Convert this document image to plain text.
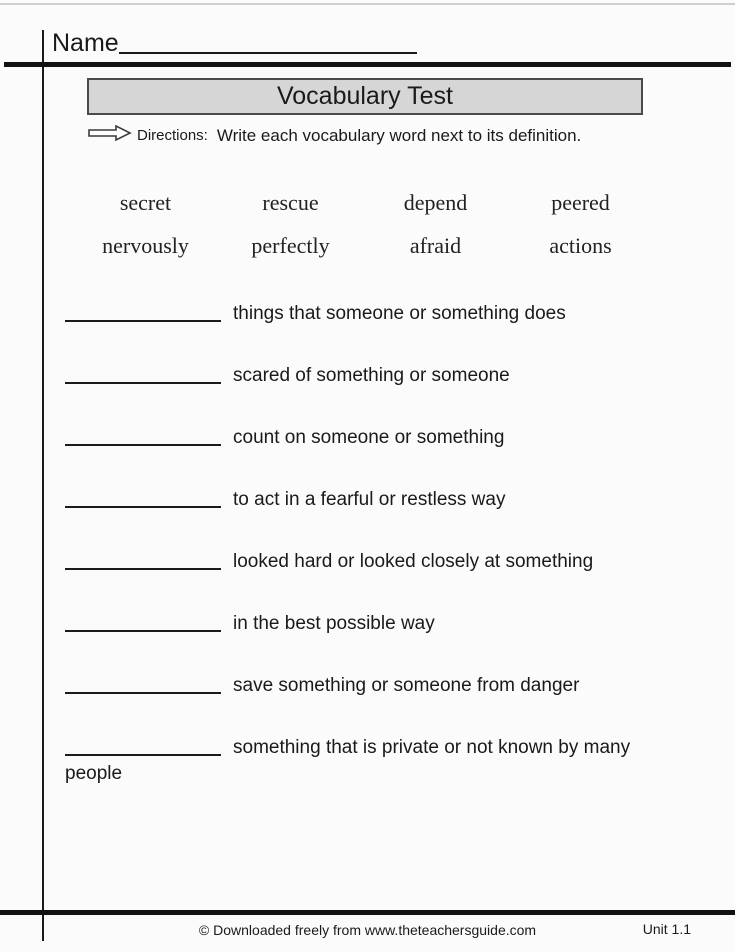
Name
Vocabulary Test
Directions: Write each vocabulary word next to its definition.
secret	rescue	depend	peered
nervously	perfectly	afraid	actions
things that someone or something does
scared of something or someone
count on someone or something
to act in a fearful or restless way
looked hard or looked closely at something
in the best possible way
save something or someone from danger
something that is private or not known by many people
© Downloaded freely from www.theteachersguide.com	Unit 1.1
